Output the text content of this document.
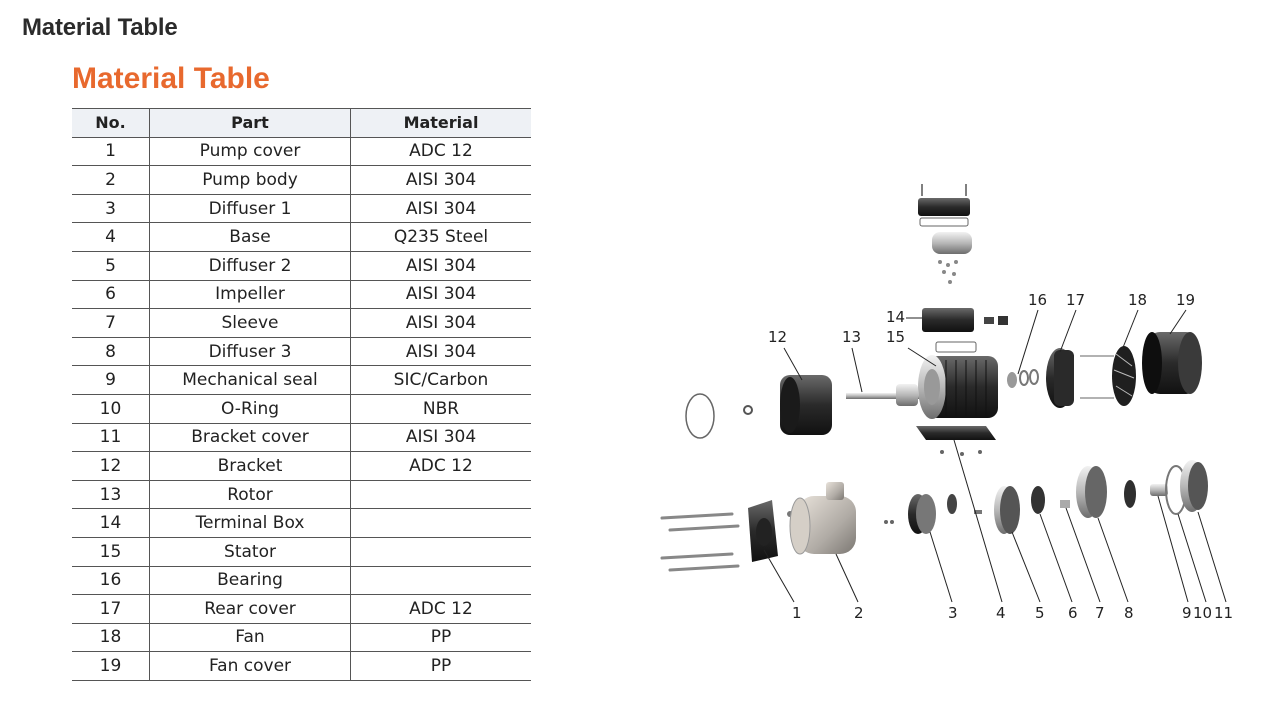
Material Table
Material Table
No.	Part	Material
1	Pump cover	ADC 12
2	Pump body	AISI 304
3	Diffuser 1	AISI 304
4	Base	Q235 Steel
5	Diffuser 2	AISI 304
6	Impeller	AISI 304
7	Sleeve	AISI 304
8	Diffuser 3	AISI 304
9	Mechanical seal	SIC/Carbon
10	O-Ring	NBR
11	Bracket cover	AISI 304
12	Bracket	ADC 12
13	Rotor	
14	Terminal Box	
15	Stator	
16	Bearing	
17	Rear cover	ADC 12
18	Fan	PP
19	Fan cover	PP
12	13
14
15
16 17	18 19
1	2	3	4 5 6 7 8	9 10 11
